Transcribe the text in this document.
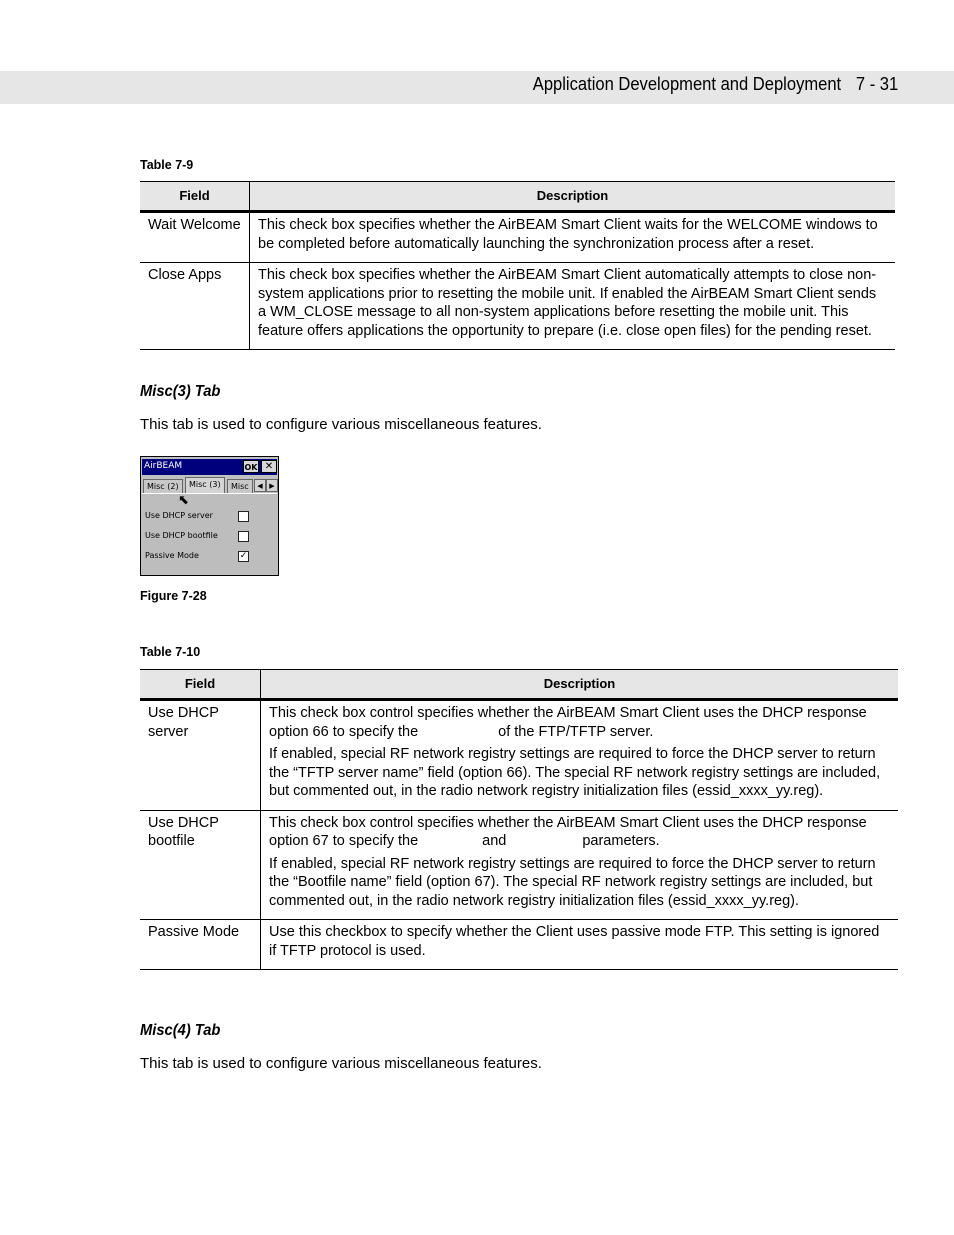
Application Development and Deployment 7 - 31
Table 7-9
Field	Description
Wait Welcome	This check box specifies whether the AirBEAM Smart Client waits for the WELCOME windows to be completed before automatically launching the synchronization process after a reset.

Close Apps	This check box specifies whether the AirBEAM Smart Client automatically attempts to close non-system applications prior to resetting the mobile unit. If enabled the AirBEAM Smart Client sends a WM_CLOSE message to all non-system applications before resetting the mobile unit. This feature offers applications the opportunity to prepare (i.e. close open files) for the pending reset.

Misc(3) Tab
This tab is used to configure various miscellaneous features.
AirBEAM	OK ✕
Misc (2)	Misc (3)	Misc	◀ ▶
Use DHCP server
Use DHCP bootfile
Passive Mode	✓
⬉
Figure 7-28
Table 7-10
Field	Description
Use DHCP server	This check box control specifies whether the AirBEAM Smart Client uses the DHCP response option 66 to specify the of the FTP/TFTP server.

If enabled, special RF network registry settings are required to force the DHCP server to return the “TFTP server name” field (option 66). The special RF network registry settings are included, but commented out, in the radio network registry initialization files (essid_xxxx_yy.reg).

Use DHCP bootfile	This check box control specifies whether the AirBEAM Smart Client uses the DHCP response option 67 to specify the and parameters.

If enabled, special RF network registry settings are required to force the DHCP server to return the “Bootfile name” field (option 67). The special RF network registry settings are included, but commented out, in the radio network registry initialization files (essid_xxxx_yy.reg).

Passive Mode	Use this checkbox to specify whether the Client uses passive mode FTP. This setting is ignored if TFTP protocol is used.

Misc(4) Tab
This tab is used to configure various miscellaneous features.
